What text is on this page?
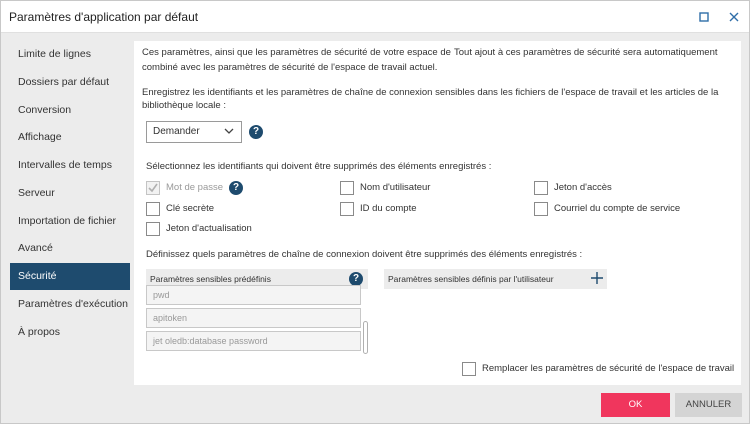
Paramètres d'application par défaut
Limite de lignes
Dossiers par défaut
Conversion
Affichage
Intervalles de temps
Serveur
Importation de fichier
Avancé
Sécurité
Paramètres d'exécution
À propos
Ces paramètres, ainsi que les paramètres de sécurité de votre espace de Tout ajout à ces paramètres de sécurité sera automatiquement
combiné avec les paramètres de sécurité de l'espace de travail actuel.
Enregistrez les identifiants et les paramètres de chaîne de connexion sensibles dans les fichiers de l'espace de travail et les articles de la
bibliothèque locale :
Demander	?
Sélectionnez les identifiants qui doivent être supprimés des éléments enregistrés :
Mot de passe ?	Nom d'utilisateur	Jeton d'accès
Clé secrète	ID du compte	Courriel du compte de service
Jeton d'actualisation
Définissez quels paramètres de chaîne de connexion doivent être supprimés des éléments enregistrés :
Paramètres sensibles prédéfinis	?
pwd
apitoken
jet oledb:database password
Paramètres sensibles définis par l'utilisateur
Remplacer les paramètres de sécurité de l'espace de travail
OK	ANNULER
